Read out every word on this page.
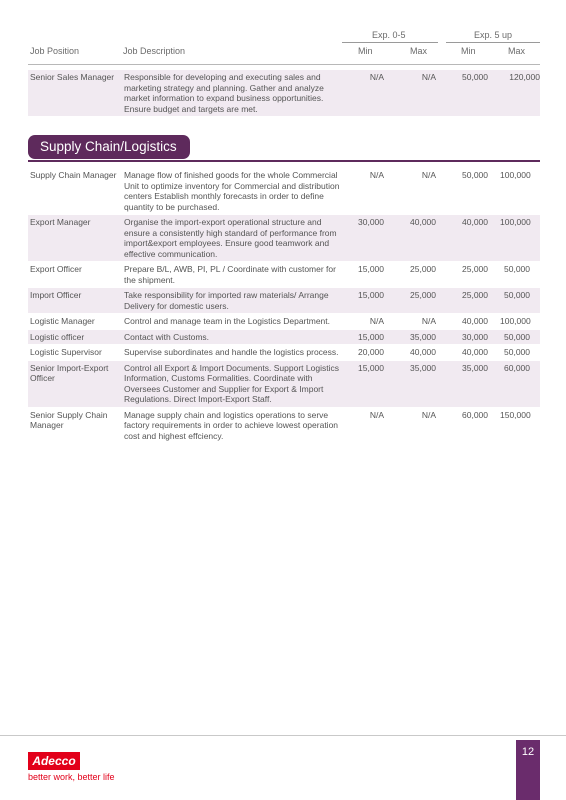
Exp. 0-5	Exp. 5 up
Job Position	Job Description	Min	Max	Min	Max
Senior Sales Manager	Responsible for developing and executing sales and marketing strategy and planning. Gather and analyze market information to expand business opportunities. Ensure budget and targets are met.	N/A	N/A	50,000	120,000
Supply Chain/Logistics
Supply Chain Manager	Manage flow of finished goods for the whole Commercial Unit to optimize inventory for Commercial and distribution centers Establish monthly forecasts in order to define quantity to be purchased.	N/A	N/A	50,000	100,000
Export Manager	Organise the import-export operational structure and ensure a consistently high standard of performance from import&export employees. Ensure good teamwork and effective communication.	30,000	40,000	40,000	100,000
Export Officer	Prepare B/L, AWB, PI, PL / Coordinate with customer for the shipment.	15,000	25,000	25,000	50,000
Import Officer	Take responsibility for imported raw materials/ Arrange Delivery for domestic users.	15,000	25,000	25,000	50,000
Logistic Manager	Control and manage team in the Logistics Department.	N/A	N/A	40,000	100,000
Logistic officer	Contact with Customs.	15,000	35,000	30,000	50,000
Logistic Supervisor	Supervise subordinates and handle the logistics process.	20,000	40,000	40,000	50,000
Senior Import-Export Officer	Control all Export & Import Documents. Support Logistics Information, Customs Formalities. Coordinate with Oversees Customer and Supplier for Export & Import Regulations. Direct Import-Export Staff.	15,000	35,000	35,000	60,000
Senior Supply Chain Manager	Manage supply chain and logistics operations to serve factory requirements in order to achieve lowest operation cost and highest effciency.	N/A	N/A	60,000	150,000
Adecco
better work, better life
12
